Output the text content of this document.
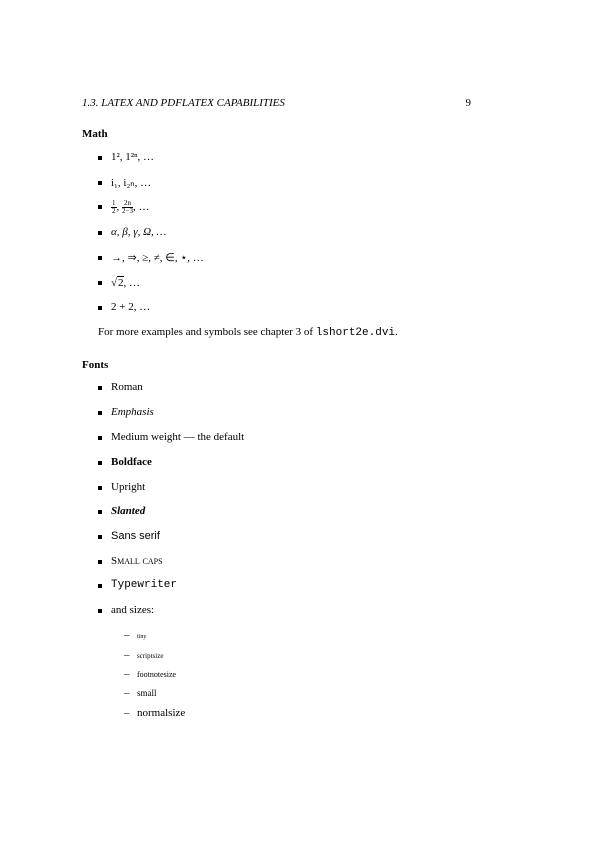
1.3. LATEX AND PDFLATEX CAPABILITIES	9
Math
1², 1²ⁿ, …
i₁, i₂ₙ, …
$\frac{1}{2}$ , $\frac{2n}{2-3}$ , …
α, β, γ, Ω, …
→, ⇒, ≥, ≠, ∈, ⋆, …
√2, …
2 + 2, …
For more examples and symbols see chapter 3 of lshort2e.dvi.
Fonts
Roman
Emphasis
Medium weight — the default
Boldface
Upright
Slanted
Sans serif
Small caps
Typewriter
and sizes:
– tiny
– scriptsize
– footnotesize
– small
– normalsize
